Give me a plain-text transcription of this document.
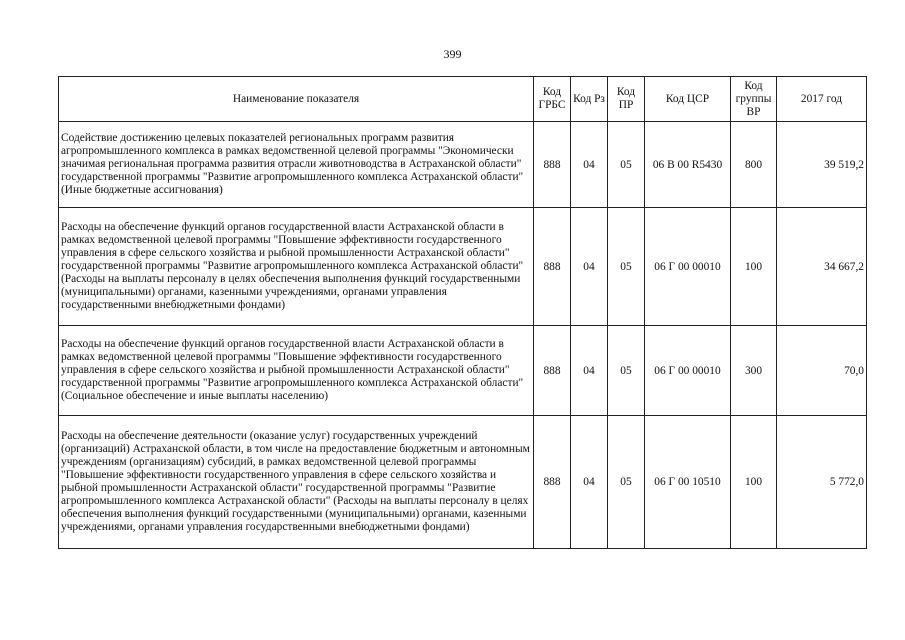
399
Наименование показателя	Код ГРБС	Код Рз	Код ПР	Код ЦСР	Код группы ВР	2017 год
Содействие достижению целевых показателей региональных программ развития агропромышленного комплекса в рамках ведомственной целевой программы "Экономически значимая региональная программа развития отрасли животноводства в Астраханской области" государственной программы "Развитие агропромышленного комплекса Астраханской области" (Иные бюджетные ассигнования)	888	04	05	06 В 00 R5430	800	39 519,2
Расходы на обеспечение функций органов государственной власти Астраханской области в рамках ведомственной целевой программы "Повышение эффективности государственного управления в сфере сельского хозяйства и рыбной промышленности Астраханской области" государственной программы "Развитие агропромышленного комплекса Астраханской области" (Расходы на выплаты персоналу в целях обеспечения выполнения функций государственными (муниципальными) органами, казенными учреждениями, органами управления государственными внебюджетными фондами)	888	04	05	06 Г 00 00010	100	34 667,2
Расходы на обеспечение функций органов государственной власти Астраханской области в рамках ведомственной целевой программы "Повышение эффективности государственного управления в сфере сельского хозяйства и рыбной промышленности Астраханской области" государственной программы "Развитие агропромышленного комплекса Астраханской области" (Социальное обеспечение и иные выплаты населению)	888	04	05	06 Г 00 00010	300	70,0
Расходы на обеспечение деятельности (оказание услуг) государственных учреждений (организаций) Астраханской области, в том числе на предоставление бюджетным и автономным учреждениям (организациям) субсидий, в рамках ведомственной целевой программы "Повышение эффективности государственного управления в сфере сельского хозяйства и рыбной промышленности Астраханской области" государственной программы "Развитие агропромышленного комплекса Астраханской области" (Расходы на выплаты персоналу в целях обеспечения выполнения функций государственными (муниципальными) органами, казенными учреждениями, органами управления государственными внебюджетными фондами)	888	04	05	06 Г 00 10510	100	5 772,0
